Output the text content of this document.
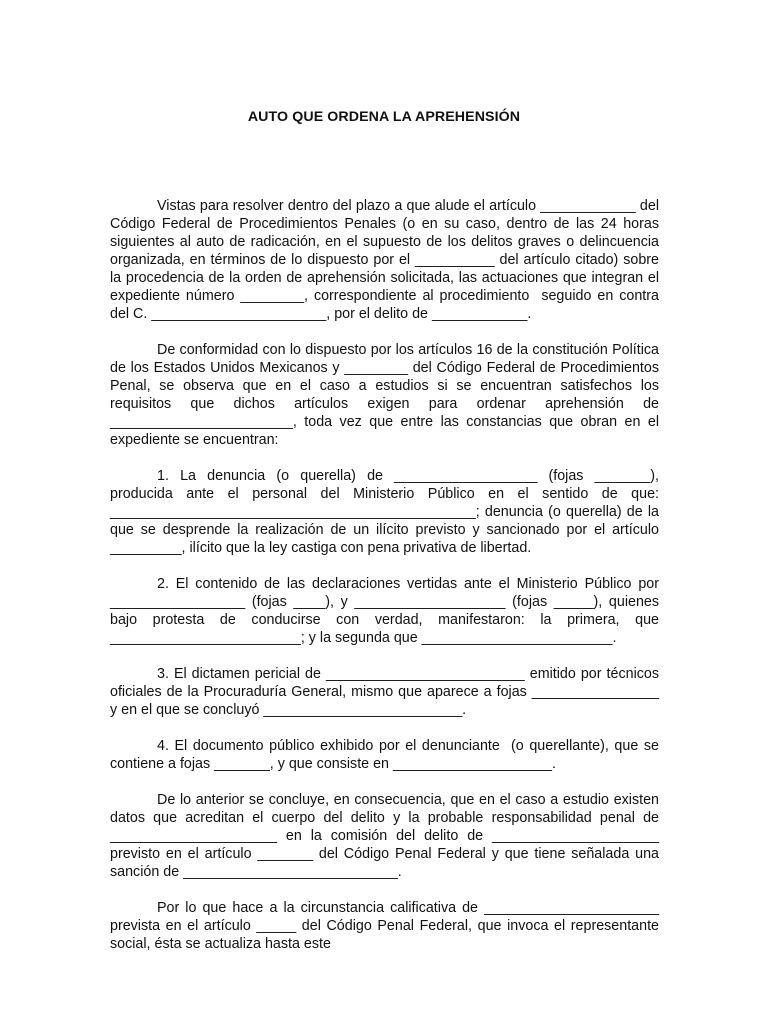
AUTO QUE ORDENA LA APREHENSIÓN

Vistas para resolver dentro del plazo a que alude el artículo ____________ del Código Federal de Procedimientos Penales (o en su caso, dentro de las 24 horas siguientes al auto de radicación, en el supuesto de los delitos graves o delincuencia organizada, en términos de lo dispuesto por el __________ del artículo citado) sobre la procedencia de la orden de aprehensión solicitada, las actuaciones que integran el expediente número ________, correspondiente al procedimiento  seguido en contra del C. ______________________, por el delito de ____________.

De conformidad con lo dispuesto por los artículos 16 de la constitución Política de los Estados Unidos Mexicanos y ________ del Código Federal de Procedimientos Penal, se observa que en el caso a estudios si se encuentran satisfechos los requisitos que dichos artículos exigen para ordenar aprehensión de _______________________, toda vez que entre las constancias que obran en el expediente se encuentran:

1. La denuncia (o querella) de __________________ (fojas _______), producida ante el personal del Ministerio Público en el sentido de que: ______________________________________________; denuncia (o querella) de la que se desprende la realización de un ilícito previsto y sancionado por el artículo _________, ilícito que la ley castiga con pena privativa de libertad.

2. El contenido de las declaraciones vertidas ante el Ministerio Público por _________________ (fojas ____), y ___________________ (fojas _____), quienes bajo protesta de conducirse con verdad, manifestaron: la primera, que ________________________; y la segunda que ________________________.

3. El dictamen pericial de _________________________ emitido por técnicos oficiales de la Procuraduría General, mismo que aparece a fojas ________________ y en el que se concluyó _________________________.

4. El documento público exhibido por el denunciante  (o querellante), que se contiene a fojas _______, y que consiste en ____________________.

De lo anterior se concluye, en consecuencia, que en el caso a estudio existen datos que acreditan el cuerpo del delito y la probable responsabilidad penal de _____________________ en la comisión del delito de _____________________ previsto en el artículo _______ del Código Penal Federal y que tiene señalada una sanción de ___________________________.

Por lo que hace a la circunstancia calificativa de ______________________ prevista en el artículo _____ del Código Penal Federal, que invoca el representante social, ésta se actualiza hasta este
